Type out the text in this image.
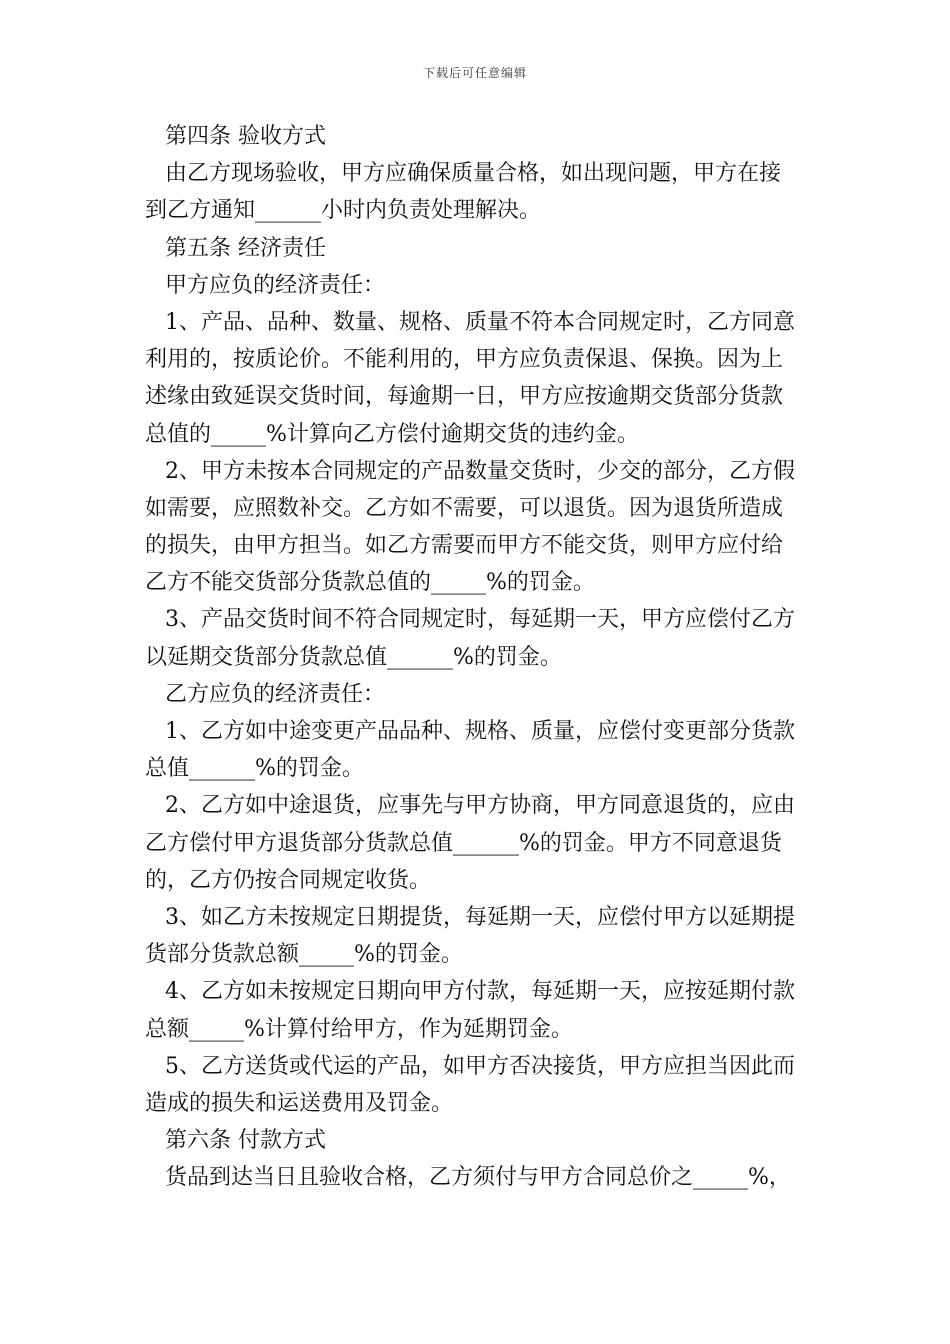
下载后可任意编辑
第四条 验收方式
由乙方现场验收，甲方应确保质量合格，如出现问题，甲方在接
到乙方通知______小时内负责处理解决。
第五条 经济责任
甲方应负的经济责任：
1、产品、品种、数量、规格、质量不符本合同规定时，乙方同意
利用的，按质论价。不能利用的，甲方应负责保退、保换。因为上
述缘由致延误交货时间，每逾期一日，甲方应按逾期交货部分货款
总值的_____%计算向乙方偿付逾期交货的违约金。
2、甲方未按本合同规定的产品数量交货时，少交的部分，乙方假
如需要，应照数补交。乙方如不需要，可以退货。因为退货所造成
的损失，由甲方担当。如乙方需要而甲方不能交货，则甲方应付给
乙方不能交货部分货款总值的_____%的罚金。
3、产品交货时间不符合同规定时，每延期一天，甲方应偿付乙方
以延期交货部分货款总值______%的罚金。
乙方应负的经济责任：
1、乙方如中途变更产品品种、规格、质量，应偿付变更部分货款
总值______%的罚金。
2、乙方如中途退货，应事先与甲方协商，甲方同意退货的，应由
乙方偿付甲方退货部分货款总值______%的罚金。甲方不同意退货
的，乙方仍按合同规定收货。
3、如乙方未按规定日期提货，每延期一天，应偿付甲方以延期提
货部分货款总额_____%的罚金。
4、乙方如未按规定日期向甲方付款，每延期一天，应按延期付款
总额_____%计算付给甲方，作为延期罚金。
5、乙方送货或代运的产品，如甲方否决接货，甲方应担当因此而
造成的损失和运送费用及罚金。
第六条 付款方式
货品到达当日且验收合格，乙方须付与甲方合同总价之_____%，
